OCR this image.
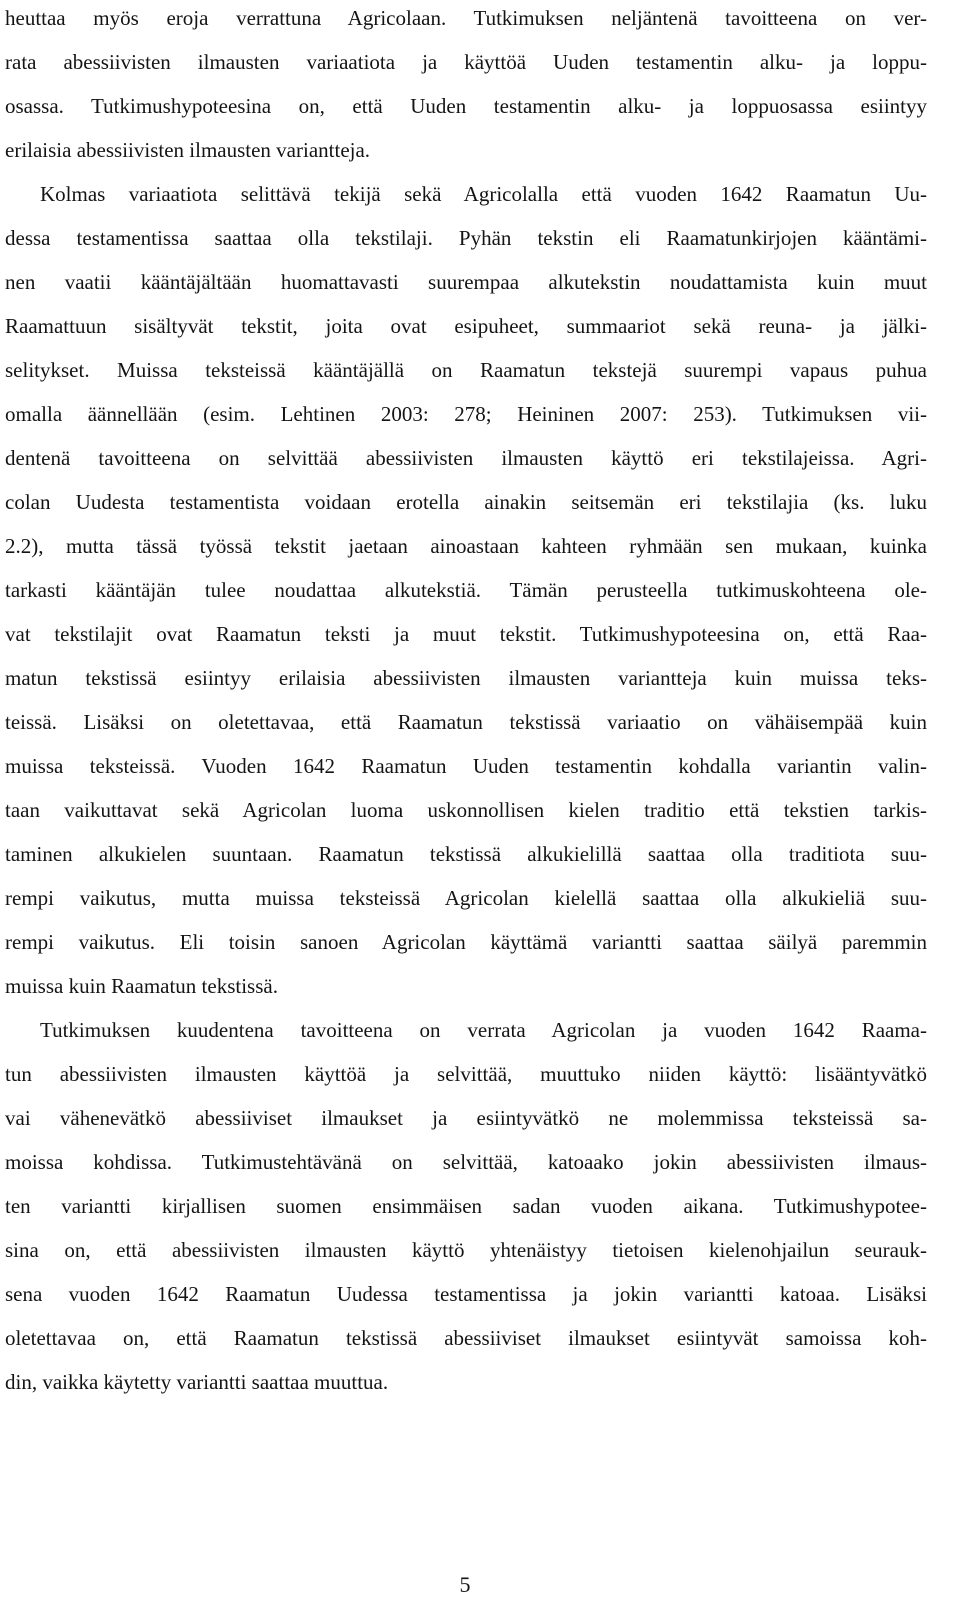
heuttaa myös eroja verrattuna Agricolaan. Tutkimuksen neljäntenä tavoitteena on ver-
rata abessiivisten ilmausten variaatiota ja käyttöä Uuden testamentin alku- ja loppu-
osassa. Tutkimushypoteesina on, että Uuden testamentin alku- ja loppuosassa esiintyy
erilaisia abessiivisten ilmausten variantteja.
Kolmas variaatiota selittävä tekijä sekä Agricolalla että vuoden 1642 Raamatun Uu-
dessa testamentissa saattaa olla tekstilaji. Pyhän tekstin eli Raamatunkirjojen kääntämi-
nen vaatii kääntäjältään huomattavasti suurempaa alkutekstin noudattamista kuin muut
Raamattuun sisältyvät tekstit, joita ovat esipuheet, summaariot sekä reuna- ja jälki-
selitykset. Muissa teksteissä kääntäjällä on Raamatun tekstejä suurempi vapaus puhua
omalla äännellään (esim. Lehtinen 2003: 278; Heininen 2007: 253). Tutkimuksen vii-
dentenä tavoitteena on selvittää abessiivisten ilmausten käyttö eri tekstilajeissa. Agri-
colan Uudesta testamentista voidaan erotella ainakin seitsemän eri tekstilajia (ks. luku
2.2), mutta tässä työssä tekstit jaetaan ainoastaan kahteen ryhmään sen mukaan, kuinka
tarkasti kääntäjän tulee noudattaa alkutekstiä. Tämän perusteella tutkimuskohteena ole-
vat tekstilajit ovat Raamatun teksti ja muut tekstit. Tutkimushypoteesina on, että Raa-
matun tekstissä esiintyy erilaisia abessiivisten ilmausten variantteja kuin muissa teks-
teissä. Lisäksi on oletettavaa, että Raamatun tekstissä variaatio on vähäisempää kuin
muissa teksteissä. Vuoden 1642 Raamatun Uuden testamentin kohdalla variantin valin-
taan vaikuttavat sekä Agricolan luoma uskonnollisen kielen traditio että tekstien tarkis-
taminen alkukielen suuntaan. Raamatun tekstissä alkukielillä saattaa olla traditiota suu-
rempi vaikutus, mutta muissa teksteissä Agricolan kielellä saattaa olla alkukieliä suu-
rempi vaikutus. Eli toisin sanoen Agricolan käyttämä variantti saattaa säilyä paremmin
muissa kuin Raamatun tekstissä.
Tutkimuksen kuudentena tavoitteena on verrata Agricolan ja vuoden 1642 Raama-
tun abessiivisten ilmausten käyttöä ja selvittää, muuttuko niiden käyttö: lisääntyvätkö
vai vähenevätkö abessiiviset ilmaukset ja esiintyvätkö ne molemmissa teksteissä sa-
moissa kohdissa. Tutkimustehtävänä on selvittää, katoaako jokin abessiivisten ilmaus-
ten variantti kirjallisen suomen ensimmäisen sadan vuoden aikana. Tutkimushypotee-
sina on, että abessiivisten ilmausten käyttö yhtenäistyy tietoisen kielenohjailun seurauk-
sena vuoden 1642 Raamatun Uudessa testamentissa ja jokin variantti katoaa. Lisäksi
oletettavaa on, että Raamatun tekstissä abessiiviset ilmaukset esiintyvät samoissa koh-
din, vaikka käytetty variantti saattaa muuttua.
5
